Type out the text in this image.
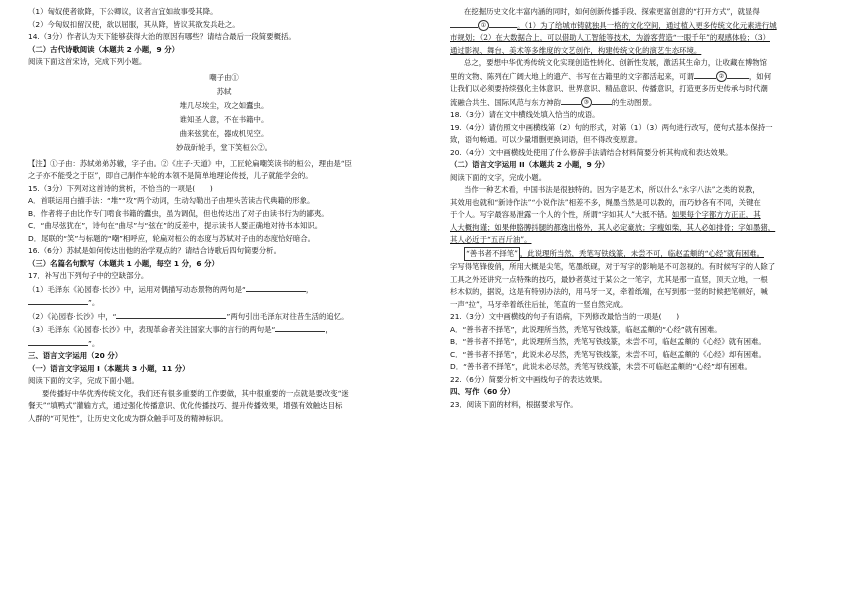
（1）匈奴使者欲降，下公卿议，议者言宜如故事受其降。
（2）今匈奴扣留汉使，欲以屈服，其从降，皆议其欲发兵赴之。
14.（3分）作者认为天下能够获得大治的原因有哪些？请结合最后一段简要概括。
（二）古代诗歌阅读（本题共 2 小题，9 分）
阅读下面这首宋诗，完成下列小题。
嘲子由①
苏轼
堆几尽埃尘，攻之如蠹虫。
谁知圣人意，不在书籍中。
曲来弦犹在，器成机见空。
妙哉斫轮手，堂下笑桓公②。
【注】①子由：苏轼弟弟苏辙，字子由。②《庄子·天道》中，工匠轮扁嘲笑读书的桓公，理由是“臣
之子亦不能受之于臣”，即自己制作车轮的本领不是简单地理论传授，儿子就能学会的。
15.（3分）下列对这首诗的赏析，不恰当的一项是(　　)
A．首联运用白描手法：“堆”“攻”两个动词，生动勾勒出子由埋头苦读古代典籍的形象。
B．作者将子由比作专门啃食书籍的蠹虫，虽为调侃，但也传达出了对子由读书行为的鄙夷。
C．“曲尽弦犹在”，诗句在“曲尽”与“弦在”的反差中，提示读书人要正确地对待书本知识。
D．尾联的“笑”与标题的“嘲”相呼应，轮扁对桓公的态度与苏轼对子由的态度恰好暗合。
16.（6分）苏轼是如何传达出他的治学观点的？请结合诗歌后四句简要分析。
（三）名篇名句默写（本题共 1 小题，每空 1 分，6 分）
17．补写出下列句子中的空缺部分。
（1）毛泽东《沁园春·长沙》中，运用对偶描写动态景物的两句是“	，
”。
（2）《沁园春·长沙》中，“	”两句引出毛泽东对往昔生活的追忆。
（3）毛泽东《沁园春·长沙》中，表现革命者关注国家大事的言行的两句是“	，
”。
三、语言文字运用（20 分）
（一）语言文字运用 I（本题共 3 小题，11 分）
阅读下面的文字，完成下面小题。
要传播好中华优秀传统文化，我们还有很多重要的工作要做，其中很重要的一点就是要改变“迷
餐天”“填鸭式”灌输方式，通过强化传播意识、优化传播技巧、提升传播效果，增强有效触达目标
人群的“可见性”，让历史文化成为群众触手可及的精神标识。
在挖掘历史文化丰富内涵的同时，如何创新传播手段、探索更富创意的“打开方式”，就显得
①	。（1）为了给城市铸就独具一格的文化空间，通过植入更多传统文化元素进行城
市规划；（2）在大数据合上，可以借助人工智能等技术，为游客营造“一眼千年”的观感体验；（3）
通过影视、舞台、美术等多维度的文艺创作，构建传统文化的演艺生态环境。
总之，要想中华优秀传统文化实现创造性转化、创新性发展，激活其生命力，让收藏在博物馆
里的文物、陈列在广阔大地上的遗产、书写在古籍里的文字都活起来，可谓	②	，如何
让我们以必须要持续强化主体意识、世界意识、精品意识、传播意识，打造更多历史传承与时代潮
流融合共生、国际风范与东方神韵	③	的生动图景。
18.（3分）请在文中横线处填入恰当的成语。
19.（4分）请仿照文中画横线第（2）句的形式，对第（1）（3）两句进行改写，使句式基本保持一
致，语句畅通。可以少量增删更换词语，但不得改变原意。
20.（4分）文中画横线处使用了什么修辞手法请结合材料简要分析其构成和表达效果。
（二）语言文字运用 II（本题共 2 小题，9 分）
阅读下面的文字，完成小题。
当作一种艺术看，中国书法是很独特的。因为字是艺术，所以什么“永字八法”之类的说教，
其效用也就和“新诗作法”“小说作法”相差不多，绳墨当然是可以教的，而巧妙各有不同，关键在
于个人。写字最容易泄露一个人的个性，所谓“字如其人”大抵不错。如果每个字都方方正正，其
人大概拘谨；如果伸胳膊抖腿的都逸出格外，其人必定豪放；字瘦如柴，其人必如排骨；字如墨猪，
其人必近于“五百斤油”。
“善书者不择笔” ，此说理所当然，秃笔写铁线篆，未尝不可，临赵孟頫的“心经”就有困难。
字写得笔锋俊俏，所用大概是尖笔，笔墨纸砚，对于写字的影响是不可忽视的。有时候写字的人除了
工具之外还讲究一点特殊的技巧，最妙者莫过于某公之一笔字，尤其是那一直竖，顶天立地，一根
杉木似的，据说，这是有特别办法的，用马牙一叉，牵着纸端，在写到那一竖的时候把笔顿好，喊
一声“拉”，马牙牵着纸往后扯，笔直的一竖自然完成。
21.（3分）文中画横线的句子有语病，下列修改最恰当的一项是(　　)
A．“善书者不择笔”，此说理所当然，秃笔写铁线篆，临赵孟頫的“心经”就有困难。
B．“善书者不择笔”，此说理所当然，秃笔写铁线篆，未尝不可，临赵孟頫的《心经》就有困难。
C．“善书者不择笔”，此说未必尽然，秃笔写铁线篆，未尝不可，临赵孟頫的《心经》却有困难。
D．“善书者不择笔”，此说未必尽然，秃笔写铁线篆，未尝不可临赵孟頫的“心经”却有困难。
22.（6分）简要分析文中画线句子的表达效果。
四、写作（60 分）
23．阅读下面的材料，根据要求写作。
